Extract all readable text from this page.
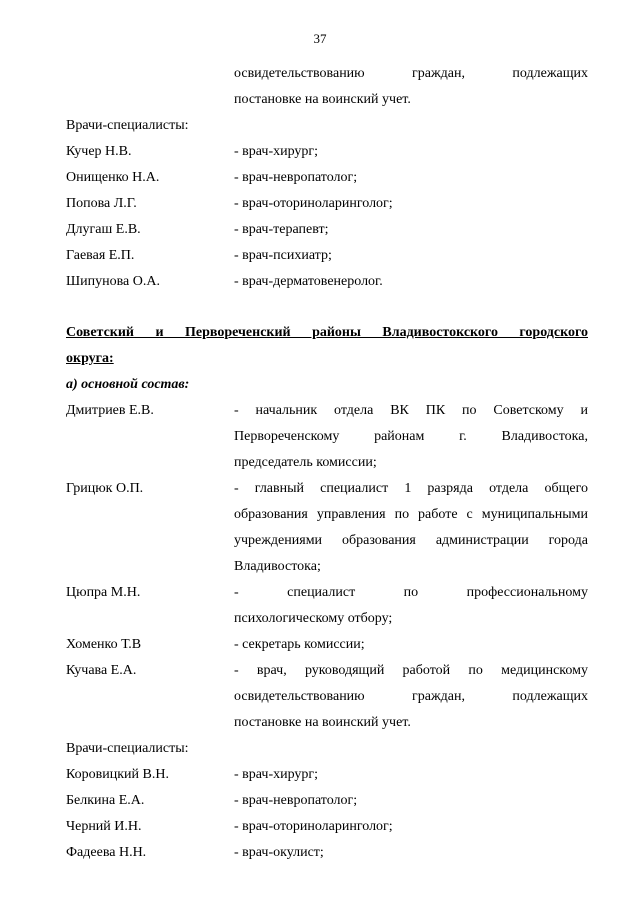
37
освидетельствованию граждан, подлежащих
постановке на воинский учет.
Врачи-специалисты:
Кучер Н.В.	- врач-хирург;
Онищенко Н.А.	- врач-невропатолог;
Попова Л.Г.	- врач-оториноларинголог;
Длугаш Е.В.	- врач-терапевт;
Гаевая Е.П.	- врач-психиатр;
Шипунова О.А.	- врач-дерматовенеролог.
Советский и Первореченский районы Владивостокского городского
округа:
а) основной состав:
Дмитриев Е.В.	- начальник отдела ВК ПК по Советскому и
Первореченскому районам г. Владивостока,
председатель комиссии;
Грицюк О.П.	- главный специалист 1 разряда отдела общего
образования управления по работе с муниципальными
учреждениями образования администрации города
Владивостока;
Цюпра М.Н.	- специалист по профессиональному
психологическому отбору;
Хоменко Т.В	- секретарь комиссии;
Кучава Е.А.	- врач, руководящий работой по медицинскому
освидетельствованию граждан, подлежащих
постановке на воинский учет.
Врачи-специалисты:
Коровицкий В.Н.	- врач-хирург;
Белкина Е.А.	- врач-невропатолог;
Черний И.Н.	- врач-оториноларинголог;
Фадеева Н.Н.	- врач-окулист;
